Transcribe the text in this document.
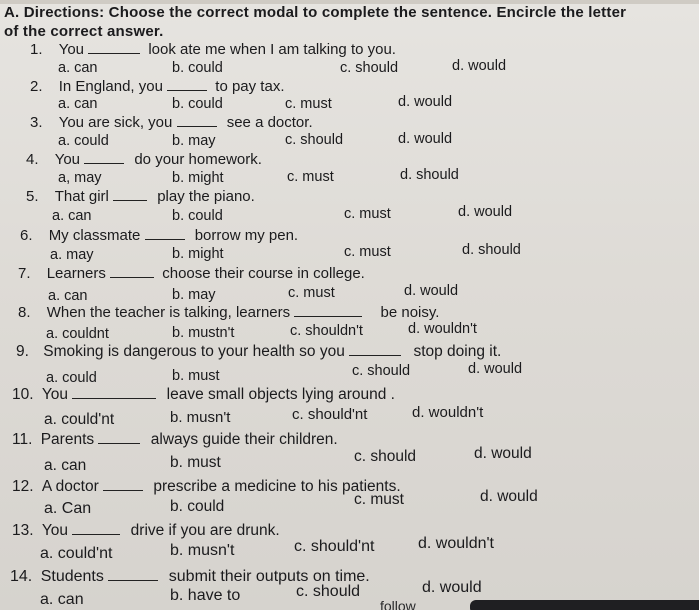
A. Directions: Choose the correct modal to complete the sentence. Encircle the letter
of the correct answer.
1. You	look ate me when I am talking to you.
a. can	b. could	c. should	d. would
2. In England, you	to pay tax.
a. can	b. could	c. must	d. would
3. You are sick, you	see a doctor.
a. could	b. may	c. should	d. would
4. You	do your homework.
a, may	b. might	c. must	d. should
5. That girl	play the piano.
a. can	b. could	c. must	d. would
6. My classmate	borrow my pen.
a. may	b. might	c. must	d. should
7. Learners	choose their course in college.
a. can	b. may	c. must	d. would
8. When the teacher is talking, learners	be noisy.
a. couldnt	b. mustn't	c. shouldn't	d. wouldn't
9. Smoking is dangerous to your health so you	stop doing it.
a. could	b. must	c. should	d. would
10. You	leave small objects lying around .
a. could'nt	b. musn't	c. should'nt	d. wouldn't
11. Parents	always guide their children.
a. can	b. must	c. should	d. would
12. A doctor	prescribe a medicine to his patients.
a. Can	b. could	c. must	d. would
13. You	drive if you are drunk.
a. could'nt	b. musn't	c. should'nt	d. wouldn't
14. Students	submit their outputs on time.
a. can	b. have to	c. should	d. would
follow
